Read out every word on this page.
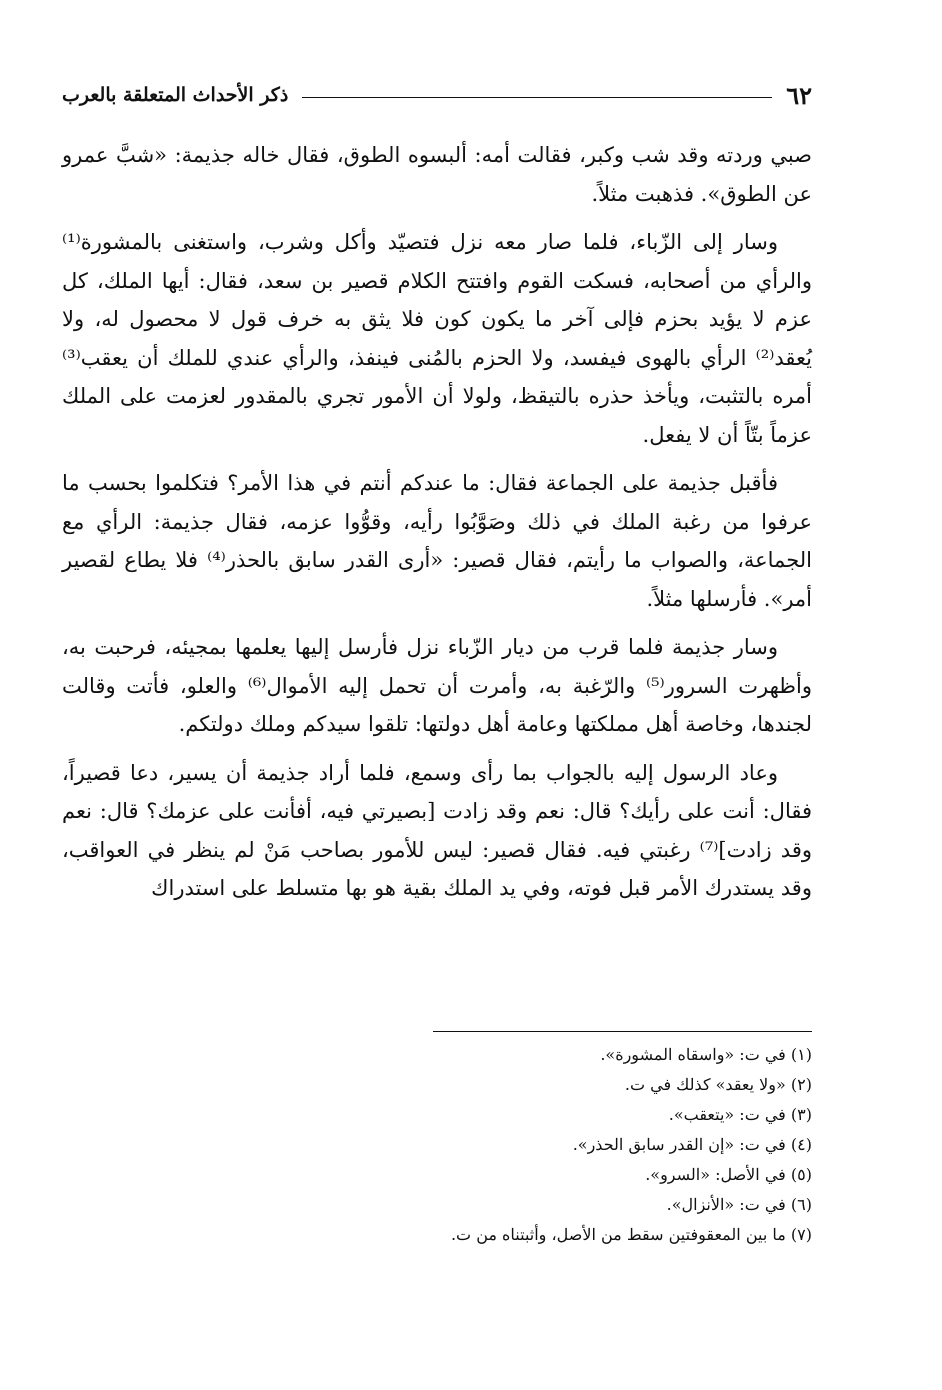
٦٢
ذكر الأحداث المتعلقة بالعرب

صبي وردته وقد شب وكبر، فقالت أمه: ألبسوه الطوق، فقال خاله جذيمة: «شبَّ عمرو عن الطوق». فذهبت مثلاً.

وسار إلى الزّباء، فلما صار معه نزل فتصيّد وأكل وشرب، واستغنى بالمشورة⁽¹⁾ والرأي من أصحابه، فسكت القوم وافتتح الكلام قصير بن سعد، فقال: أيها الملك، كل عزم لا يؤيد بحزم فإلى آخر ما يكون كون فلا يثق به خرف قول لا محصول له، ولا يُعقد⁽²⁾ الرأي بالهوى فيفسد، ولا الحزم بالمُنى فينفذ، والرأي عندي للملك أن يعقب⁽³⁾ أمره بالتثبت، ويأخذ حذره بالتيقظ، ولولا أن الأمور تجري بالمقدور لعزمت على الملك عزماً بتّاً أن لا يفعل.

فأقبل جذيمة على الجماعة فقال: ما عندكم أنتم في هذا الأمر؟ فتكلموا بحسب ما عرفوا من رغبة الملك في ذلك وصَوَّبُوا رأيه، وقوُّوا عزمه، فقال جذيمة: الرأي مع الجماعة، والصواب ما رأيتم، فقال قصير: «أرى القدر سابق بالحذر⁽⁴⁾ فلا يطاع لقصير أمر». فأرسلها مثلاً.

وسار جذيمة فلما قرب من ديار الزّباء نزل فأرسل إليها يعلمها بمجيئه، فرحبت به، وأظهرت السرور⁽⁵⁾ والرّغبة به، وأمرت أن تحمل إليه الأموال⁽⁶⁾ والعلو، فأتت وقالت لجندها، وخاصة أهل مملكتها وعامة أهل دولتها: تلقوا سيدكم وملك دولتكم.

وعاد الرسول إليه بالجواب بما رأى وسمع، فلما أراد جذيمة أن يسير، دعا قصيراً، فقال: أنت على رأيك؟ قال: نعم وقد زادت [بصيرتي فيه، أفأنت على عزمك؟ قال: نعم وقد زادت]⁽⁷⁾ رغبتي فيه. فقال قصير: ليس للأمور بصاحب مَنْ لم ينظر في العواقب، وقد يستدرك الأمر قبل فوته، وفي يد الملك بقية هو بها متسلط على استدراك

(١) في ت: «واسقاه المشورة».
(٢) «ولا يعقد» كذلك في ت.
(٣) في ت: «يتعقب».
(٤) في ت: «إن القدر سابق الحذر».
(٥) في الأصل: «السرو».
(٦) في ت: «الأنزال».
(٧) ما بين المعقوفتين سقط من الأصل، وأثبتناه من ت.
